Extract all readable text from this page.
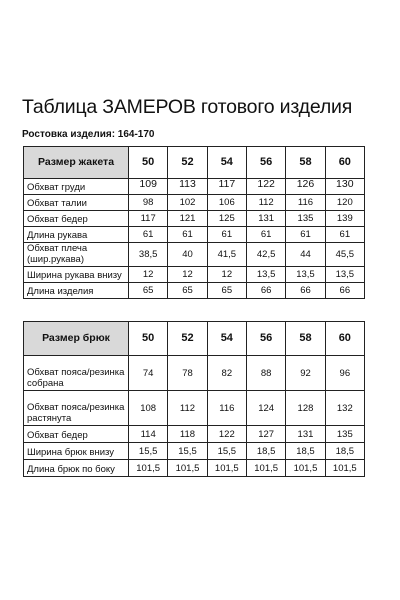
Таблица ЗАМЕРОВ готового изделия
Ростовка изделия: 164-170
Размер жакета	50	52	54	56	58	60
Обхват груди	109	113	117	122	126	130
Обхват талии	98	102	106	112	116	120
Обхват бедер	117	121	125	131	135	139
Длина рукава	61	61	61	61	61	61
Обхват плеча (шир.рукава)	38,5	40	41,5	42,5	44	45,5
Ширина рукава внизу	12	12	12	13,5	13,5	13,5
Длина изделия	65	65	65	66	66	66
Размер брюк	50	52	54	56	58	60
Обхват пояса/резинка собрана	74	78	82	88	92	96
Обхват пояса/резинка растянута	108	112	116	124	128	132
Обхват бедер	114	118	122	127	131	135
Ширина брюк внизу	15,5	15,5	15,5	18,5	18,5	18,5
Длина брюк по боку	101,5	101,5	101,5	101,5	101,5	101,5
